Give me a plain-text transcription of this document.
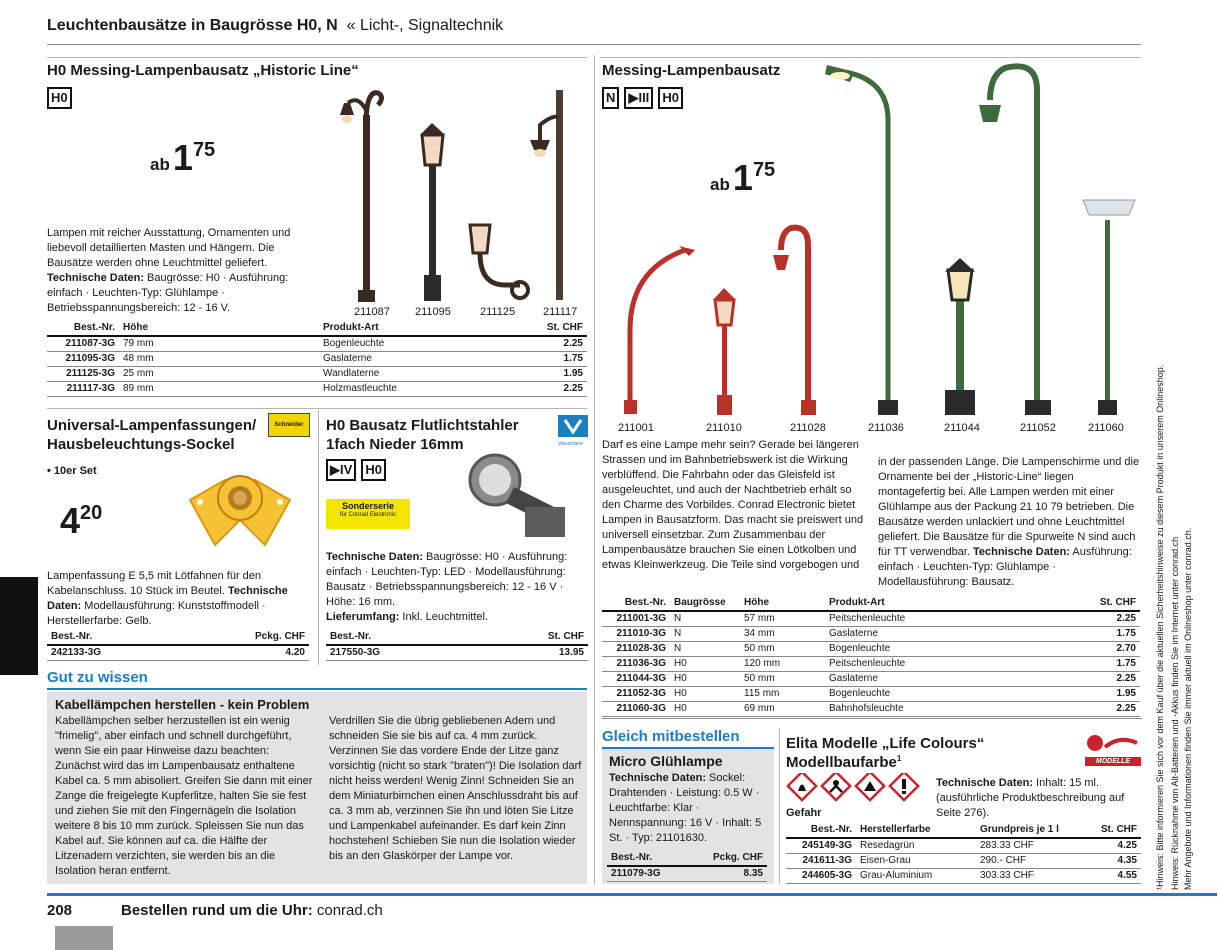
Leuchtenbausätze in Baugrösse H0, N « Licht-, Signaltechnik
H0 Messing-Lampenbausatz „Historic Line“
H0
ab 175
Lampen mit reicher Ausstattung, Ornamenten und liebevoll detaillierten Masten und Hängern. Die Bausätze werden ohne Leuchtmittel geliefert. Technische Daten: Baugrösse: H0 · Ausführung: einfach · Leuchten-Typ: Glühlampe · Betriebsspannungsbereich: 12 - 16 V.	211087 211095	211125	211117
Best.-Nr.	Höhe	Produkt-Art	St. CHF
211087-3G	79 mm	Bogenleuchte	2.25
211095-3G	48 mm	Gaslaterne	1.75
211125-3G	25 mm	Wandlaterne	1.95
211117-3G	89 mm	Holzmastleuchte	2.25
Messing-Lampenbausatz
N ▶III H0
ab 175
211001	211010	211028	211036	211044	211052	211060
Darf es eine Lampe mehr sein? Gerade bei längeren Strassen und im Bahnbetriebswerk ist die Wirkung verblüffend. Die Fahrbahn oder das Gleisfeld ist ausgeleuchtet, und auch der Nachtbetrieb erhält so den Charme des Vorbildes. Conrad Electronic bietet Lampen in Bausatzform. Das macht sie preiswert und universell einsetzbar. Zum Zusammenbau der Lampenbausätze brauchen Sie einen Lötkolben und etwas Kleinwerkzeug. Die Teile sind vorgebogen und
in der passenden Länge. Die Lampenschirme und die Ornamente bei der „Historic-Line“ liegen montagefertig bei. Alle Lampen werden mit einer Glühlampe aus der Packung 21 10 79 betrieben. Die Bausätze werden unlackiert und ohne Leuchtmittel geliefert. Die Bausätze für die Spurweite N sind auch für TT verwendbar. Technische Daten: Ausführung: einfach · Leuchten-Typ: Glühlampe · Modellausführung: Bausatz.
Best.-Nr.	Baugrösse	Höhe	Produkt-Art	St. CHF
211001-3G	N	57 mm	Peitschenleuchte	2.25
211010-3G	N	34 mm	Gaslaterne	1.75
211028-3G	N	50 mm	Bogenleuchte	2.70
211036-3G	H0	120 mm	Peitschenleuchte	1.75
211044-3G	H0	50 mm	Gaslaterne	2.25
211052-3G	H0	115 mm	Bogenleuchte	1.95
211060-3G	H0	69 mm	Bahnhofsleuchte	2.25
Universal-Lampenfassungen/ Hausbeleuchtungs-Sockel
Schneider
• 10er Set
420
Lampenfassung E 5,5 mit Lötfahnen für den Kabelanschluss. 10 Stück im Beutel. Technische Daten: Modellausführung: Kunststoffmodell · Herstellerfarbe: Gelb.
Best.-Nr.	Pckg. CHF
242133-3G	4.20
H0 Bausatz Flutlichtstahler 1fach Nieder 16mm	Viessmann
▶IV H0
Sonderserie
für Conrad Electronic
Technische Daten: Baugrösse: H0 · Ausführung: einfach · Leuchten-Typ: LED · Modellausführung: Bausatz · Betriebsspannungsbereich: 12 - 16 V · Höhe: 16 mm.
Lieferumfang: Inkl. Leuchtmittel.
Best.-Nr.	St. CHF
217550-3G	13.95
Gut zu wissen
Kabellämpchen herstellen - kein Problem
Kabellämpchen selber herzustellen ist ein wenig "frimelig", aber einfach und schnell durchgeführt, wenn Sie ein paar Hinweise dazu beachten: Zunächst wird das im Lampenbausatz enthaltene Kabel ca. 5 mm abisoliert. Greifen Sie dann mit einer Zange die freigelegte Kupferlitze, halten Sie sie fest und ziehen Sie mit den Fingernägeln die Isolation weitere 8 bis 10 mm zurück. Spleissen Sie nun das Kabel auf. Sie können auf ca. die Hälfte der Litzenadern verzichten, sie werden bis an die Isolation heran entfernt.
Verdrillen Sie die übrig gebliebenen Adern und schneiden Sie sie bis auf ca. 4 mm zurück. Verzinnen Sie das vordere Ende der Litze ganz vorsichtig (nicht so stark "braten")! Die Isolation darf nicht heiss werden! Wenig Zinn! Schneiden Sie an dem Miniaturbirnchen einen Anschlussdraht bis auf ca. 3 mm ab, verzinnen Sie ihn und löten Sie Litze und Lampenkabel aufeinander. Es darf kein Zinn hochstehen! Schieben Sie nun die Isolation wieder bis an den Glaskörper der Lampe vor.
Gleich mitbestellen
Micro Glühlampe
Technische Daten: Sockel: Drahtenden · Leistung: 0.5 W · Leuchtfarbe: Klar · Nennspannung: 16 V · Inhalt: 5 St. · Typ: 21101630.
Best.-Nr.	Pckg. CHF
211079-3G	8.35
Elita Modelle „Life Colours“ Modellbaufarbe$^1$	MODELLE
Gefahr
Technische Daten: Inhalt: 15 ml. (ausführliche Produktbeschreibung auf Seite 276).
Best.-Nr.	Herstellerfarbe	Grundpreis je 1 l	St. CHF
245149-3G	Resedagrün	283.33 CHF	4.25
241611-3G	Eisen-Grau	290.- CHF	4.35
244605-3G	Grau-Aluminium	303.33 CHF	4.55 ¹Hinweis: Bitte informieren Sie sich vor dem Kauf über die aktuellen Sicherheitshinweise zu diesem Produkt in unserem Onlineshop. Hinweis: Rücknahme von Alt-Batterien und -Akkus finden Sie im Internet unter conrad.ch Mehr Angebote und Informationen finden Sie immer aktuell im Onlineshop unter conrad.ch.
208	Bestellen rund um die Uhr: conrad.ch
